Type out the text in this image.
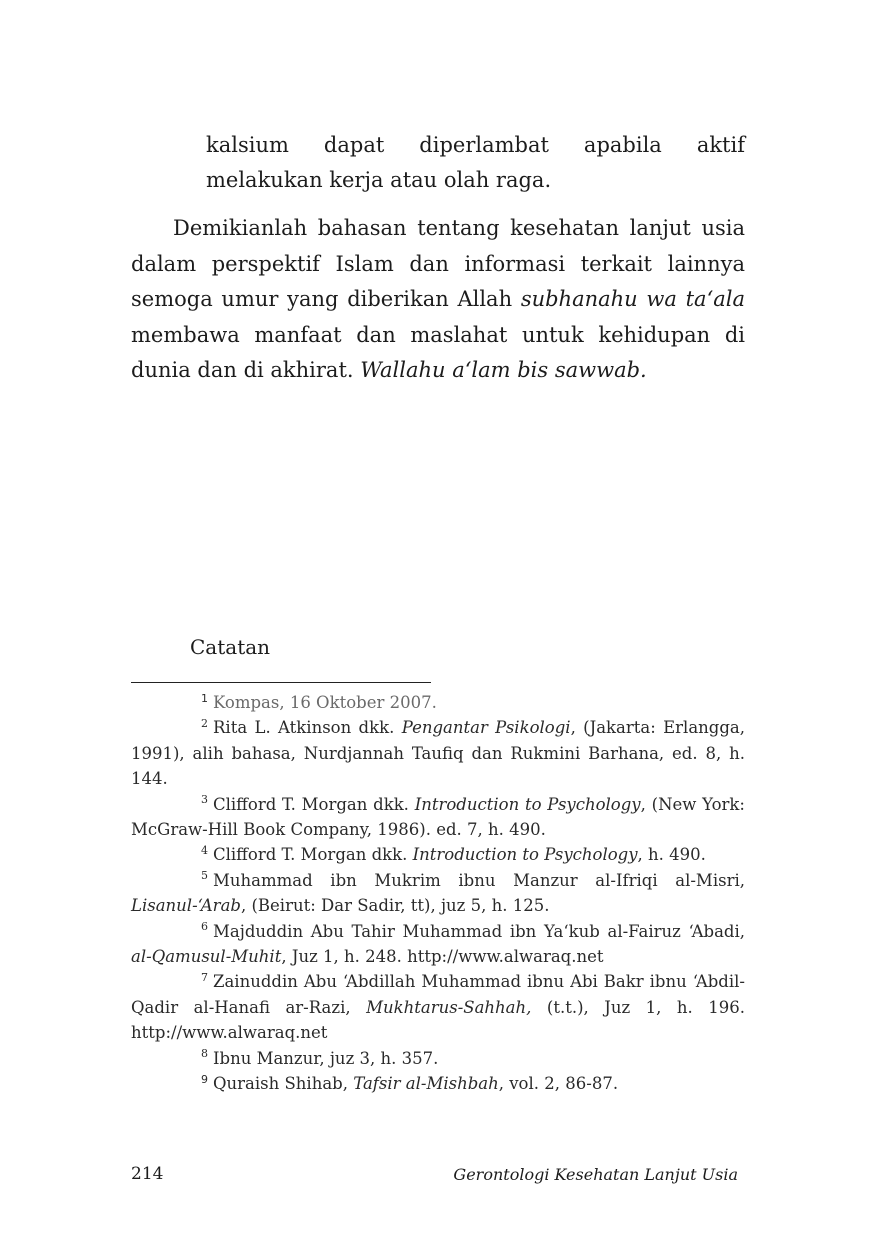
kalsium dapat diperlambat apabila aktif melakukan kerja atau olah raga.

Demikianlah bahasan tentang kesehatan lanjut usia dalam perspektif Islam dan informasi terkait lainnya semoga umur yang diberikan Allah subhanahu wa ta‘ala membawa manfaat dan maslahat untuk kehidupan di dunia dan di akhirat. Wallahu a‘lam bis sawwab.

Catatan
$^1$ Kompas, 16 Oktober 2007.
$^2$ Rita L. Atkinson dkk. Pengantar Psikologi, (Jakarta: Erlangga, 1991), alih bahasa, Nurdjannah Taufiq dan Rukmini Barhana, ed. 8, h. 144.
$^3$ Clifford T. Morgan dkk. Introduction to Psychology, (New York: McGraw-Hill Book Company, 1986). ed. 7, h. 490.
$^4$ Clifford T. Morgan dkk. Introduction to Psychology, h. 490.
$^5$ Muhammad ibn Mukrim ibnu Manzur al-Ifriqi al-Misri, Lisanul-‘Arab, (Beirut: Dar Sadir, tt), juz 5, h. 125.
$^6$ Majduddin Abu Tahir Muhammad ibn Ya‘kub al-Fairuz ‘Abadi, al-Qamusul-Muhit, Juz 1, h. 248. http://www.alwaraq.net
$^7$ Zainuddin Abu ‘Abdillah Muhammad ibnu Abi Bakr ibnu ‘Abdil-Qadir al-Hanafi ar-Razi, Mukhtarus-Sahhah, (t.t.), Juz 1, h. 196. http://www.alwaraq.net
$^8$ Ibnu Manzur, juz 3, h. 357.
$^9$ Quraish Shihab, Tafsir al-Mishbah, vol. 2, 86-87.
214	Gerontologi Kesehatan Lanjut Usia
